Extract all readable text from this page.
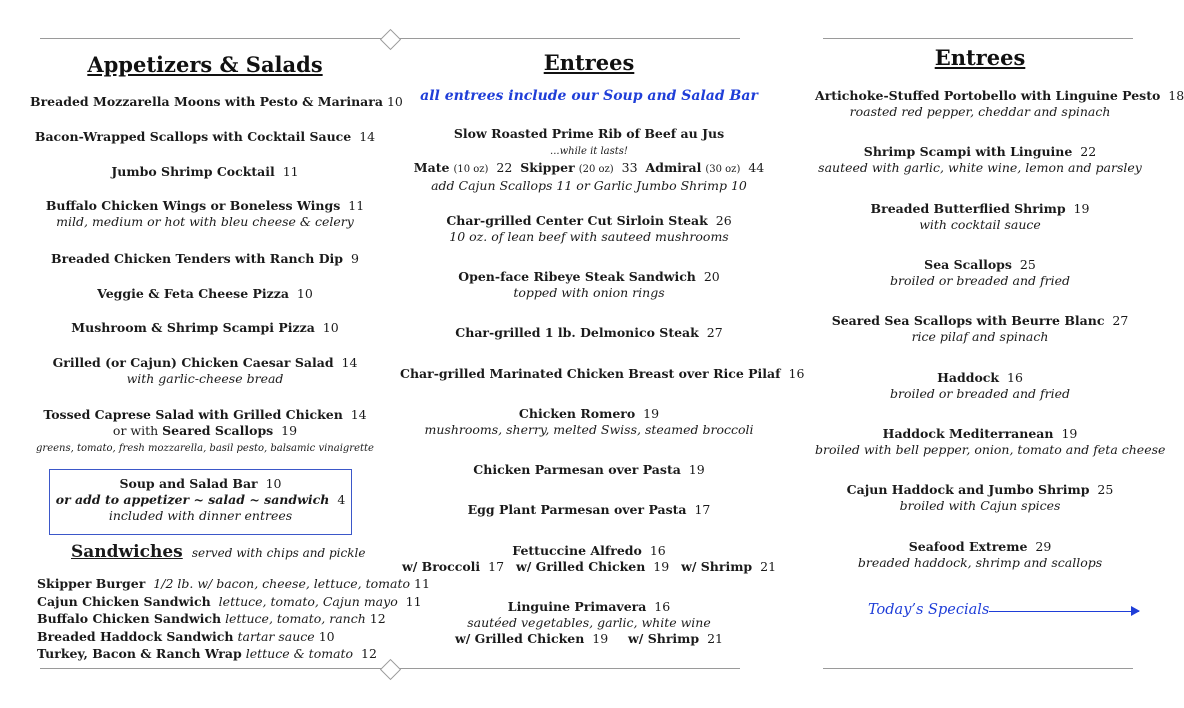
Appetizers & Salads
Breaded Mozzarella Moons with Pesto & Marinara 10
Bacon-Wrapped Scallops with Cocktail Sauce 14
Jumbo Shrimp Cocktail 11
Buffalo Chicken Wings or Boneless Wings 11
mild, medium or hot with bleu cheese & celery
Breaded Chicken Tenders with Ranch Dip 9
Veggie & Feta Cheese Pizza 10
Mushroom & Shrimp Scampi Pizza 10
Grilled (or Cajun) Chicken Caesar Salad 14
with garlic-cheese bread
Tossed Caprese Salad with Grilled Chicken 14
or with Seared Scallops 19
greens, tomato, fresh mozzarella, basil pesto, balsamic vinaigrette
Soup and Salad Bar 10
or add to appetizer ~ salad ~ sandwich 4
included with dinner entrees
Sandwiches served with chips and pickle
Skipper Burger 1/2 lb. w/ bacon, cheese, lettuce, tomato 11
Cajun Chicken Sandwich lettuce, tomato, Cajun mayo 11
Buffalo Chicken Sandwich lettuce, tomato, ranch 12
Breaded Haddock Sandwich tartar sauce 10
Turkey, Bacon & Ranch Wrap lettuce & tomato 12
Entrees
all entrees include our Soup and Salad Bar
Slow Roasted Prime Rib of Beef au Jus
...while it lasts!
Mate (10 oz) 22 Skipper (20 oz) 33 Admiral (30 oz) 44
add Cajun Scallops 11 or Garlic Jumbo Shrimp 10
Char-grilled Center Cut Sirloin Steak 26
10 oz. of lean beef with sauteed mushrooms
Open-face Ribeye Steak Sandwich 20
topped with onion rings
Char-grilled 1 lb. Delmonico Steak 27
Char-grilled Marinated Chicken Breast over Rice Pilaf 16
Chicken Romero 19
mushrooms, sherry, melted Swiss, steamed broccoli
Chicken Parmesan over Pasta 19
Egg Plant Parmesan over Pasta 17
Fettuccine Alfredo 16
w/ Broccoli 17 w/ Grilled Chicken 19 w/ Shrimp 21
Linguine Primavera 16
sautéed vegetables, garlic, white wine
w/ Grilled Chicken 19 w/ Shrimp 21
Entrees
Artichoke-Stuffed Portobello with Linguine Pesto 18
roasted red pepper, cheddar and spinach
Shrimp Scampi with Linguine 22
sauteed with garlic, white wine, lemon and parsley
Breaded Butterflied Shrimp 19
with cocktail sauce
Sea Scallops 25
broiled or breaded and fried
Seared Sea Scallops with Beurre Blanc 27
rice pilaf and spinach
Haddock 16
broiled or breaded and fried
Haddock Mediterranean 19
broiled with bell pepper, onion, tomato and feta cheese
Cajun Haddock and Jumbo Shrimp 25
broiled with Cajun spices
Seafood Extreme 29
breaded haddock, shrimp and scallops
Today’s Specials
